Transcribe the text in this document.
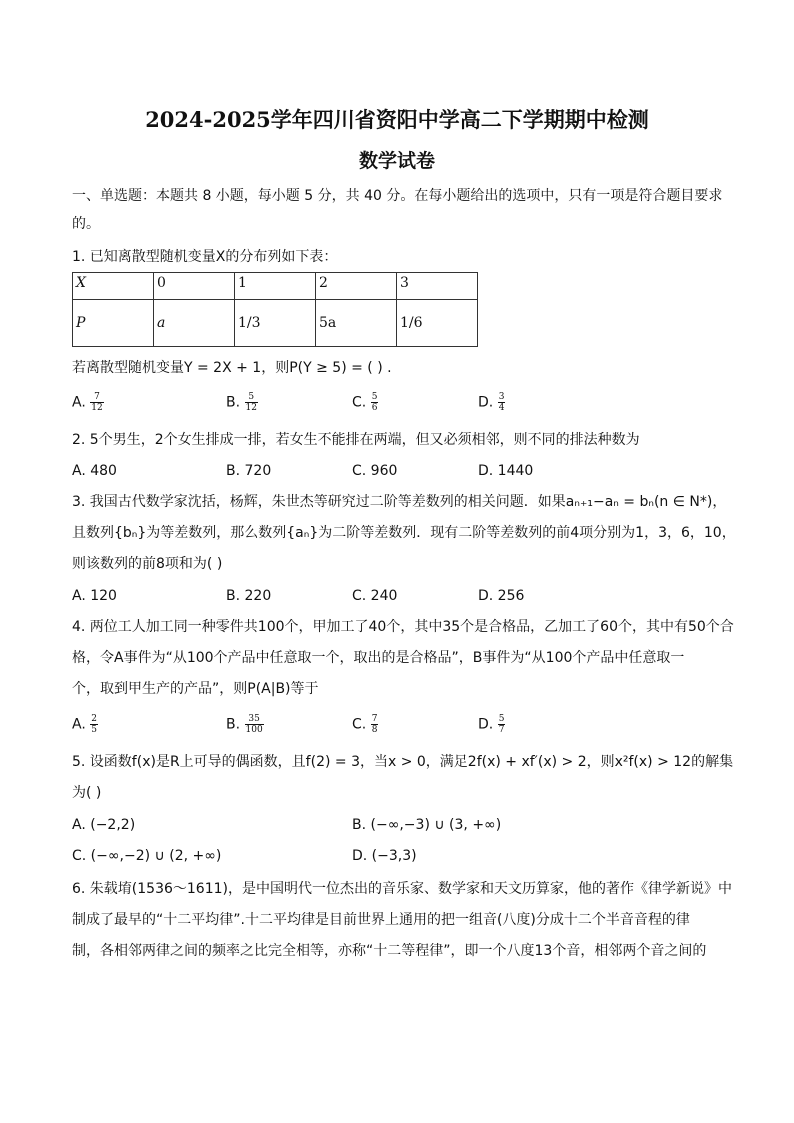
2024-2025学年四川省资阳中学高二下学期期中检测
数学试卷
一、单选题：本题共 8 小题，每小题 5 分，共 40 分。在每小题给出的选项中，只有一项是符合题目要求
的。
1. 已知离散型随机变量X的分布列如下表：
X	0	1	2	3
P	a	1/3	5a	1/6
若离散型随机变量Y = 2X + 1，则P(Y ≥ 5) = ( ) .
A. $\frac{7}{12}$	B. $\frac{5}{12}$	C. $\frac{5}{6}$	D. $\frac{3}{4}$
2. 5个男生，2个女生排成一排，若女生不能排在两端，但又必须相邻，则不同的排法种数为
A. 480	B. 720	C. 960	D. 1440
3. 我国古代数学家沈括，杨辉，朱世杰等研究过二阶等差数列的相关问题．如果aₙ₊₁−aₙ = bₙ(n ∈ N*)，
且数列{bₙ}为等差数列，那么数列{aₙ}为二阶等差数列．现有二阶等差数列的前4项分别为1，3，6，10，
则该数列的前8项和为( )
A. 120	B. 220	C. 240	D. 256
4. 两位工人加工同一种零件共100个，甲加工了40个，其中35个是合格品，乙加工了60个，其中有50个合
格，令A事件为“从100个产品中任意取一个，取出的是合格品”，B事件为“从100个产品中任意取一
个，取到甲生产的产品”，则P(A|B)等于
A. $\frac{2}{5}$	B. $\frac{35}{100}$	C. $\frac{7}{8}$	D. $\frac{5}{7}$
5. 设函数f(x)是R上可导的偶函数，且f(2) = 3，当x > 0，满足2f(x) + xf′(x) > 2，则x²f(x) > 12的解集
为( )
A. (−2,2)	B. (−∞,−3) ∪ (3, +∞)
C. (−∞,−2) ∪ (2, +∞)	D. (−3,3)
6. 朱载堉(1536～1611)，是中国明代一位杰出的音乐家、数学家和天文历算家，他的著作《律学新说》中
制成了最早的“十二平均律”.十二平均律是目前世界上通用的把一组音(八度)分成十二个半音音程的律
制，各相邻两律之间的频率之比完全相等，亦称“十二等程律”，即一个八度13个音，相邻两个音之间的
